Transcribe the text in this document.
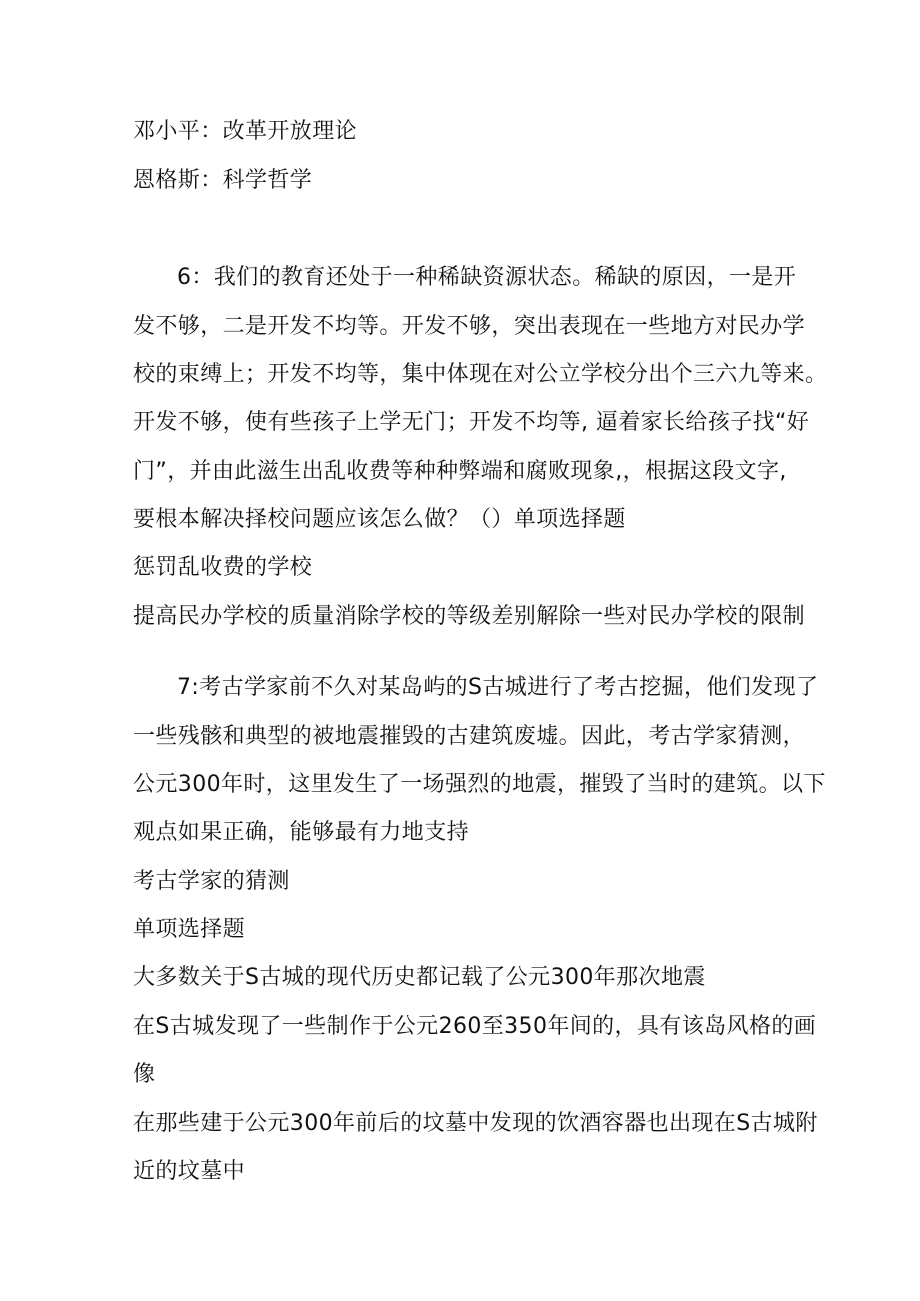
邓小平：改革开放理论
恩格斯：科学哲学
6：我们的教育还处于一种稀缺资源状态。稀缺的原因，一是开
发不够，二是开发不均等。开发不够，突出表现在一些地方对民办学
校的束缚上；开发不均等，集中体现在对公立学校分出个三六九等来。
开发不够，使有些孩子上学无门；开发不均等, 逼着家长给孩子找“好
门”，并由此滋生出乱收费等种种弊端和腐败现象,，根据这段文字,
要根本解决择校问题应该怎么做？（）单项选择题
惩罚乱收费的学校
提高民办学校的质量消除学校的等级差别解除一些对民办学校的限制
7:考古学家前不久对某岛屿的S古城进行了考古挖掘，他们发现了
一些残骸和典型的被地震摧毁的古建筑废墟。因此，考古学家猜测，
公元300年时，这里发生了一场强烈的地震，摧毁了当时的建筑。以下
观点如果正确，能够最有力地支持
考古学家的猜测
单项选择题
大多数关于S古城的现代历史都记载了公元300年那次地震
在S古城发现了一些制作于公元260至350年间的，具有该岛风格的画
像
在那些建于公元300年前后的坟墓中发现的饮酒容器也出现在S古城附
近的坟墓中
